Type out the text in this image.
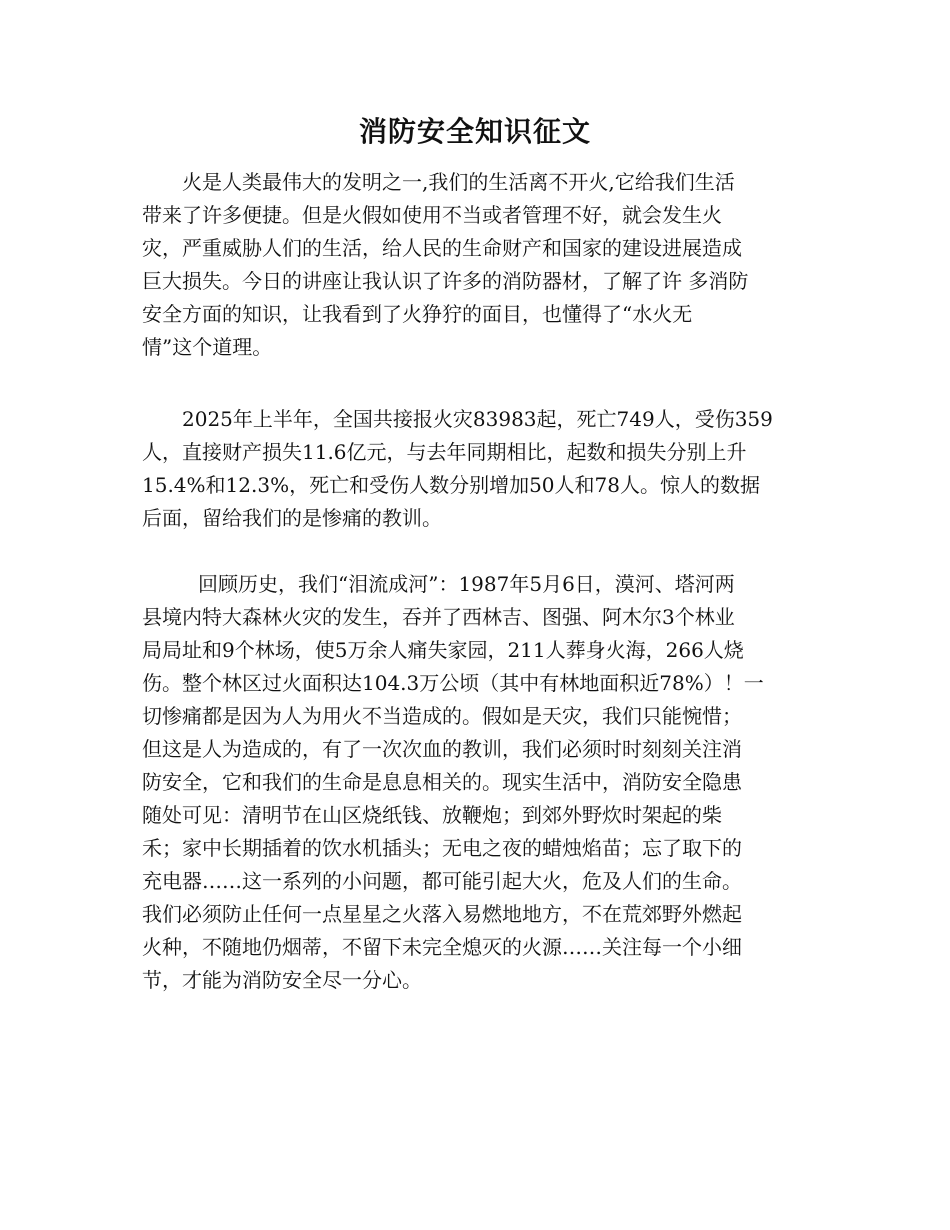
消防安全知识征文
火是人类最伟大的发明之一,我们的生活离不开火,它给我们生活
带来了许多便捷。但是火假如使用不当或者管理不好，就会发生火
灾，严重威胁人们的生活，给人民的生命财产和国家的建设进展造成
巨大损失。今日的讲座让我认识了许多的消防器材，了解了许 多消防
安全方面的知识，让我看到了火狰狞的面目，也懂得了“水火无
情”这个道理。
2025年上半年，全国共接报火灾83983起，死亡749人，受伤359
人，直接财产损失11.6亿元，与去年同期相比，起数和损失分别上升
15.4%和12.3%，死亡和受伤人数分别增加50人和78人。惊人的数据
后面，留给我们的是惨痛的教训。
回顾历史，我们“泪流成河”：1987年5月6日，漠河、塔河两
县境内特大森林火灾的发生，吞并了西林吉、图强、阿木尔3个林业
局局址和9个林场，使5万余人痛失家园，211人葬身火海，266人烧
伤。整个林区过火面积达104.3万公顷（其中有林地面积近78%）！一
切惨痛都是因为人为用火不当造成的。假如是天灾，我们只能惋惜；
但这是人为造成的，有了一次次血的教训，我们必须时时刻刻关注消
防安全，它和我们的生命是息息相关的。现实生活中，消防安全隐患
随处可见：清明节在山区烧纸钱、放鞭炮；到郊外野炊时架起的柴
禾；家中长期插着的饮水机插头；无电之夜的蜡烛焰苗；忘了取下的
充电器……这一系列的小问题，都可能引起大火，危及人们的生命。
我们必须防止任何一点星星之火落入易燃地地方，不在荒郊野外燃起
火种，不随地仍烟蒂，不留下未完全熄灭的火源……关注每一个小细
节，才能为消防安全尽一分心。
